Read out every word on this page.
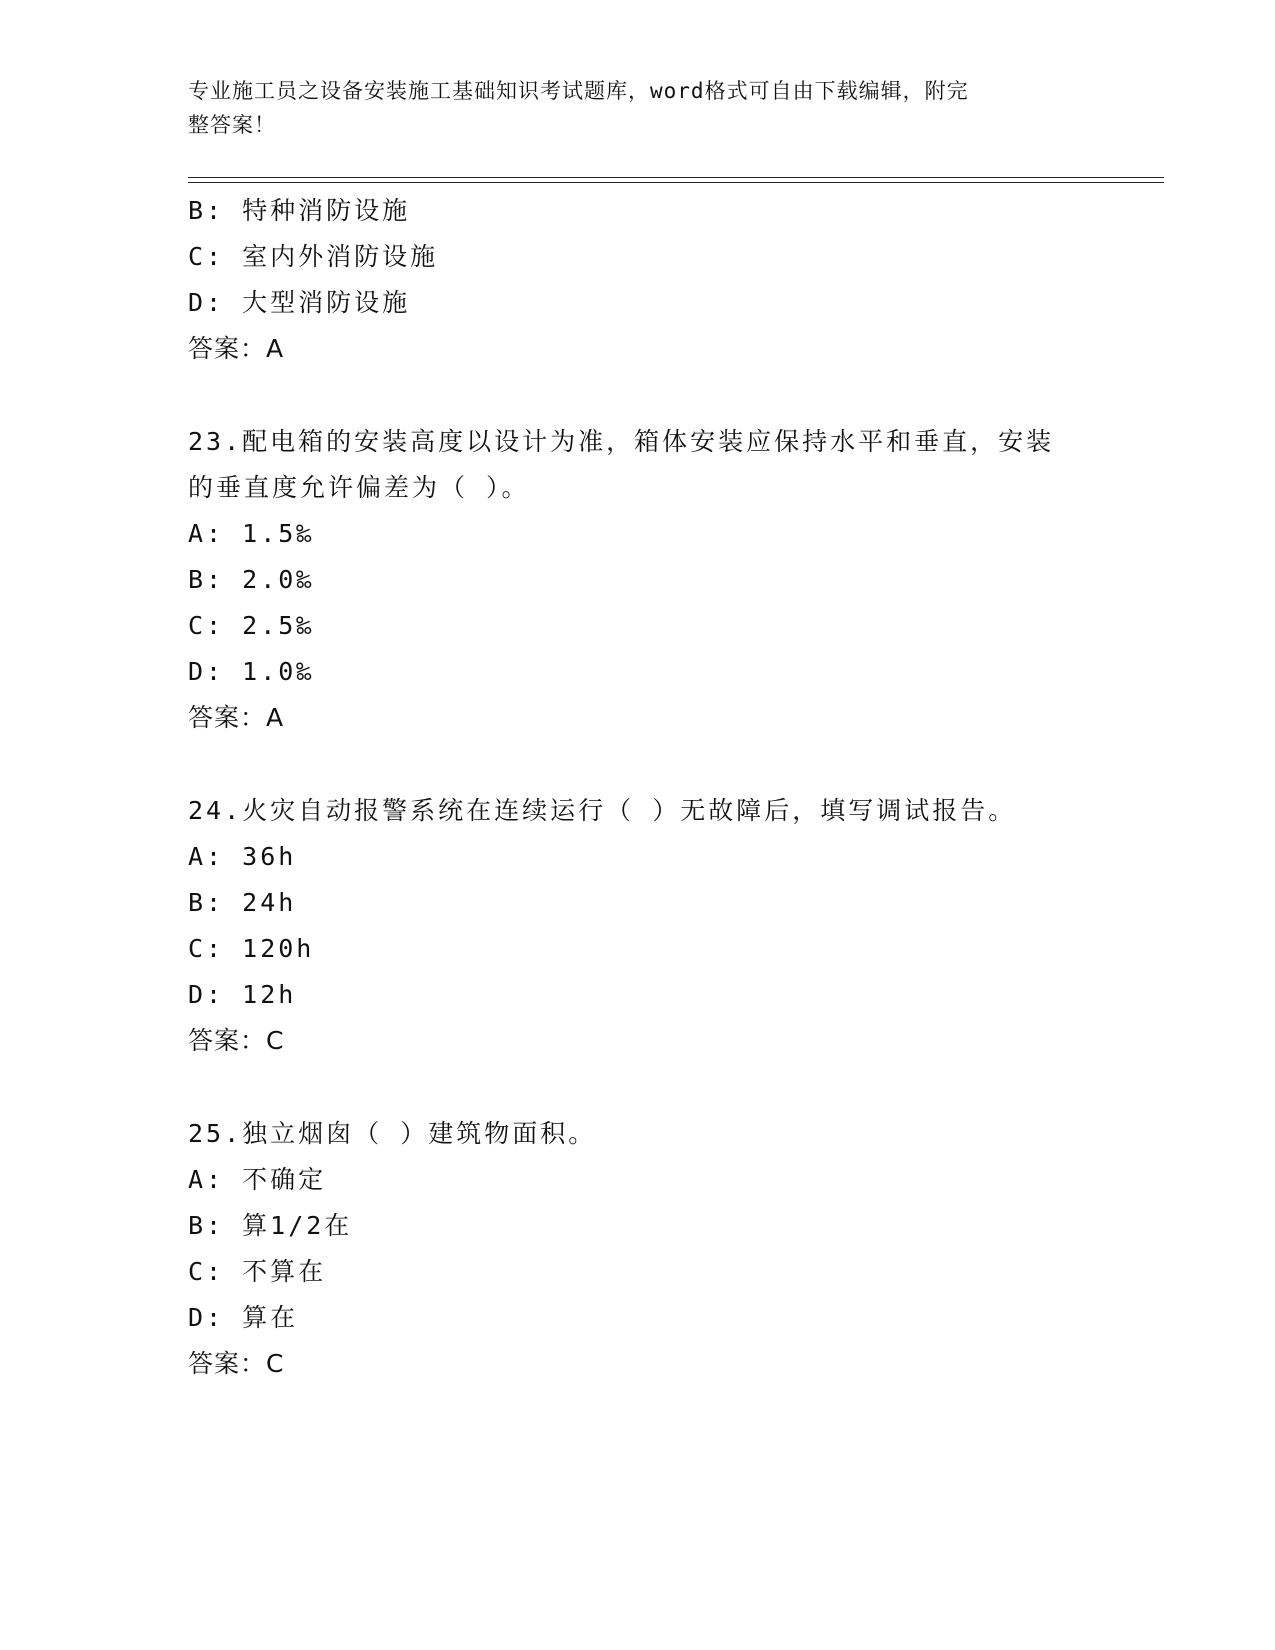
专业施工员之设备安装施工基础知识考试题库，word格式可自由下载编辑，附完
整答案！
B: 特种消防设施
C: 室内外消防设施
D: 大型消防设施
答案：A
23.配电箱的安装高度以设计为准，箱体安装应保持水平和垂直，安装
的垂直度允许偏差为（ ）。
A: 1.5‰
B: 2.0‰
C: 2.5‰
D: 1.0‰
答案：A
24.火灾自动报警系统在连续运行（ ）无故障后，填写调试报告。
A: 36h
B: 24h
C: 120h
D: 12h
答案：C
25.独立烟囱（ ）建筑物面积。
A: 不确定
B: 算1/2在
C: 不算在
D: 算在
答案：C
